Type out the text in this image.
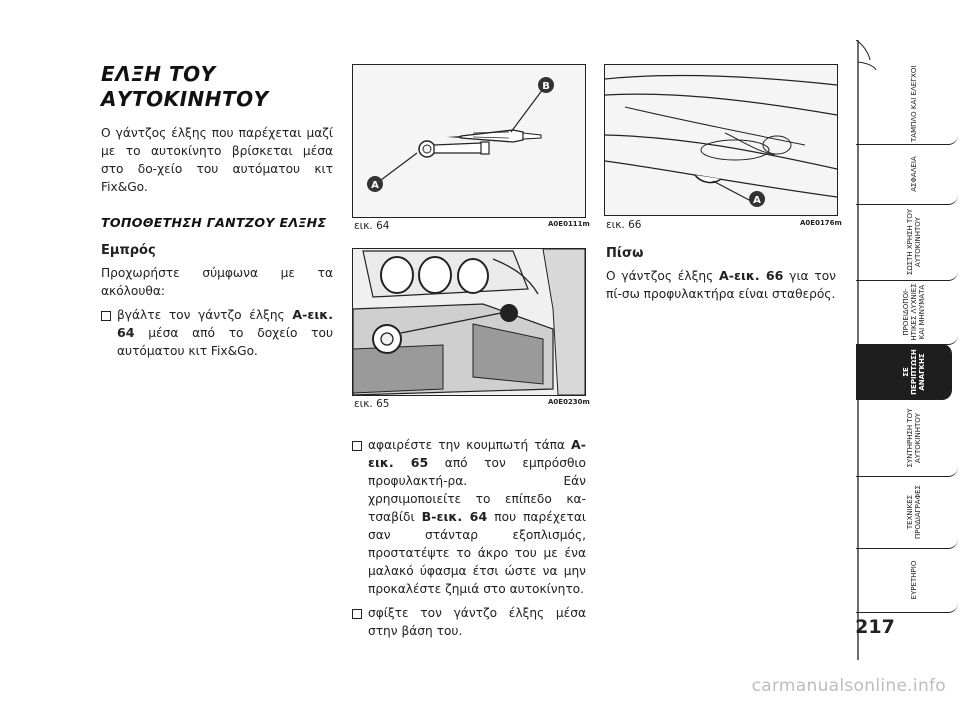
ΕΛΞΗ ΤΟΥ ΑΥΤΟΚΙΝΗΤΟΥ

Ο γάντζος έλξης που παρέχεται μαζί με το αυτοκίνητο βρίσκεται μέσα στο δο-χείο του αυτόματου κιτ Fix&Go.

ΤΟΠΟΘΕΤΗΣΗ ΓΑΝΤΖΟΥ ΕΛΞΗΣ
Εμπρός

Προχωρήστε σύμφωνα με τα ακόλουθα:

βγάλτε τον γάντζο έλξης A-εικ. 64 μέσα από το δοχείο του αυτόματου κιτ Fix&Go.
A
B
εικ. 64	A0E0111m
εικ. 65	A0E0230m
αφαιρέστε την κουμπωτή τάπα A-εικ. 65 από τον εμπρόσθιο προφυλακτή-ρα. Εάν χρησιμοποιείτε το επίπεδο κα-τσαβίδι B-εικ. 64 που παρέχεται σαν στάνταρ εξοπλισμός, προστατέψτε το άκρο του με ένα μαλακό ύφασμα έτσι ώστε να μην προκαλέστε ζημιά στο αυτοκίνητο.
σφίξτε τον γάντζο έλξης μέσα στην βάση του.
A
εικ. 66	A0E0176m
Πίσω

Ο γάντζος έλξης A-εικ. 66 για τον πί-σω προφυλακτήρα είναι σταθερός.

ΤΑΜΠΛΟ ΚΑΙ ΕΛΕΓΧΟΙ
ΑΣΦΑΛΕΙΑ
ΣΩΣΤΗ ΧΡΗΣΗ ΤΟΥ ΑΥΤΟΚΙΝΗΤΟΥ
ΠΡΟΕΙΔΟΠΟΙ-ΗΤΙΚΕΣ ΛΥΧΝΙΕΣ ΚΑΙ ΜΗΝΥΜΑΤΑ
ΣΕ ΠΕΡΙΠΤΩΣΗ ΑΝΑΓΚΗΣ
ΣΥΝΤΗΡΗΣΗ ΤΟΥ ΑΥΤΟΚΙΝΗΤΟΥ
ΤΕΧΝΙΚΕΣ ΠΡΟΔΙΑΓΡΑΦΕΣ
ΕΥΡΕΤΗΡΙΟ
217
carmanualsonline.info
